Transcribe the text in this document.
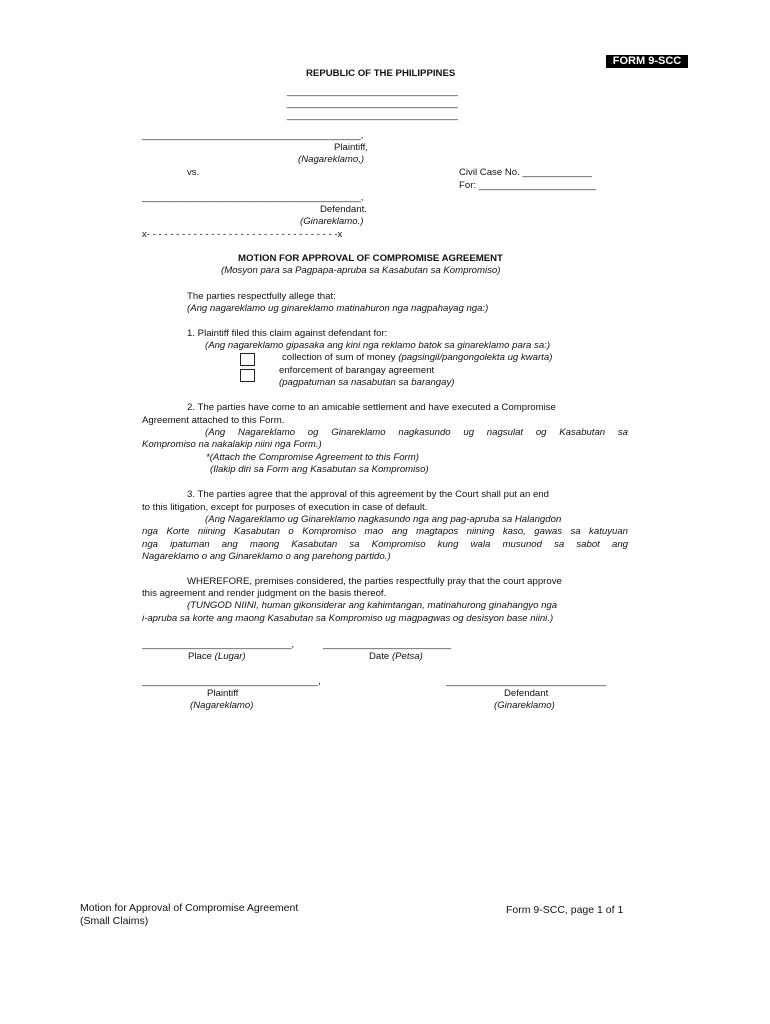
FORM 9-SCC
REPUBLIC OF THE PHILIPPINES
________________________________
________________________________
________________________________
_________________________________________,
Plaintiff,
(Nagareklamo,)
vs.	Civil Case No. _____________
For: ______________________
_________________________________________,
Defendant.
(Ginareklamo.)
x- - - - - - - - - - - - - - - - - - - - - - - - - - - - - - - - -x
MOTION FOR APPROVAL OF COMPROMISE AGREEMENT
(Mosyon para sa Pagpapa-apruba sa Kasabutan sa Kompromiso)
The parties respectfully allege that:
(Ang nagareklamo ug ginareklamo matinahuron nga nagpahayag nga:)
1. Plaintiff filed this claim against defendant for:
(Ang nagareklamo gipasaka ang kini nga reklamo batok sa ginareklamo para sa:)
collection of sum of money (pagsingil/pangongolekta ug kwarta)
enforcement of barangay agreement
(pagpatuman sa nasabutan sa barangay)
2. The parties have come to an amicable settlement and have executed a Compromise
Agreement attached to this Form.
(Ang Nagareklamo og Ginareklamo nagkasundo ug nagsulat og Kasabutan sa
Kompromiso na nakalakip niini nga Form.)
*(Attach the Compromise Agreement to this Form)
(Ilakip diri sa Form ang Kasabutan sa Kompromiso)
3. The parties agree that the approval of this agreement by the Court shall put an end
to this litigation, except for purposes of execution in case of default.
(Ang Nagareklamo ug Ginareklamo nagkasundo nga ang pag-apruba sa Halangdon
nga Korte niining Kasabutan o Kompromiso mao ang magtapos niining kaso, gawas sa katuyuan
nga ipatuman ang maong Kasabutan sa Kompromiso kung wala musunod sa sabot ang
Nagareklamo o ang Ginareklamo o ang parehong partido.)
WHEREFORE, premises considered, the parties respectfully pray that the court approve
this agreement and render judgment on the basis thereof.
(TUNGOD NIINI, human gikonsiderar ang kahimtangan, matinahurong ginahangyo nga
i-apruba sa korte ang maong Kasabutan sa Kompromiso ug magpagwas og desisyon base niini.)
____________________________,	________________________
Place (Lugar)	Date (Petsa)
_________________________________,	______________________________
Plaintiff
(Nagareklamo)
Defendant
(Ginareklamo)
Motion for Approval of Compromise Agreement
(Small Claims)
Form 9-SCC, page 1 of 1
